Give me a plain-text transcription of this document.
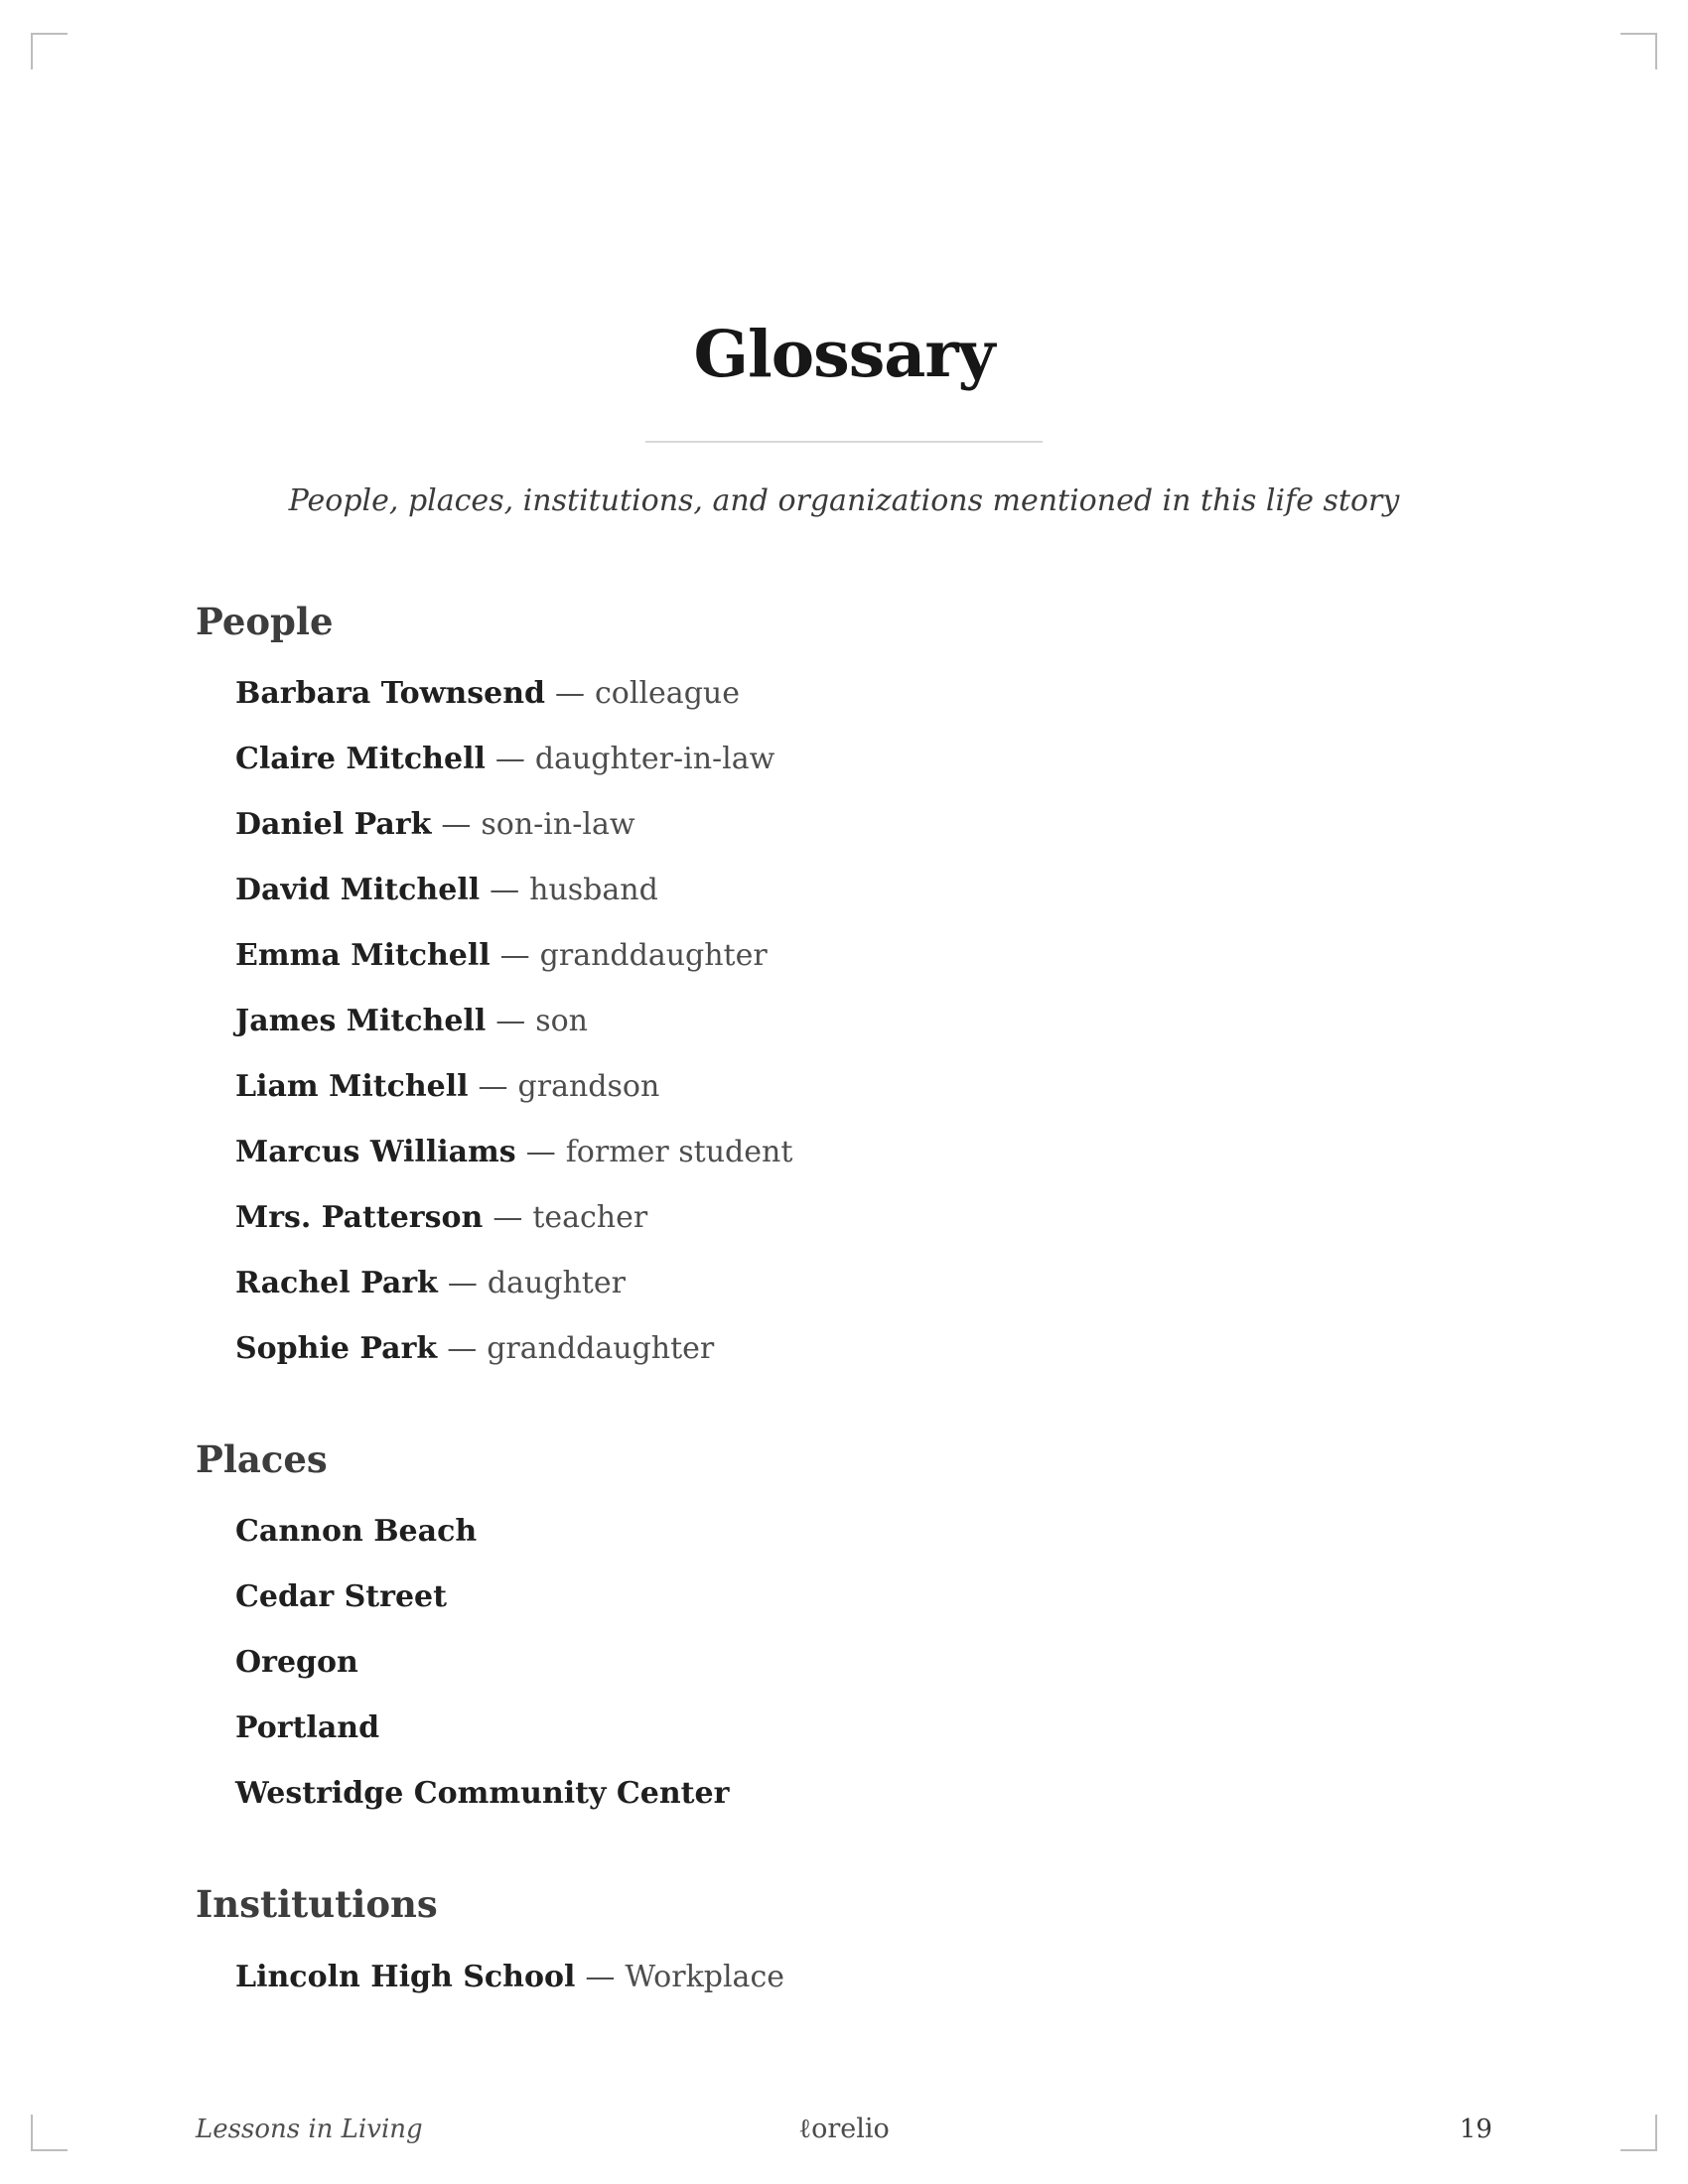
Glossary
People, places, institutions, and organizations mentioned in this life story
People
Barbara Townsend — colleague
Claire Mitchell — daughter-in-law
Daniel Park — son-in-law
David Mitchell — husband
Emma Mitchell — granddaughter
James Mitchell — son
Liam Mitchell — grandson
Marcus Williams — former student
Mrs. Patterson — teacher
Rachel Park — daughter
Sophie Park — granddaughter
Places
Cannon Beach
Cedar Street
Oregon
Portland
Westridge Community Center
Institutions
Lincoln High School — Workplace
Lessons in Living	ℓorelio	19
